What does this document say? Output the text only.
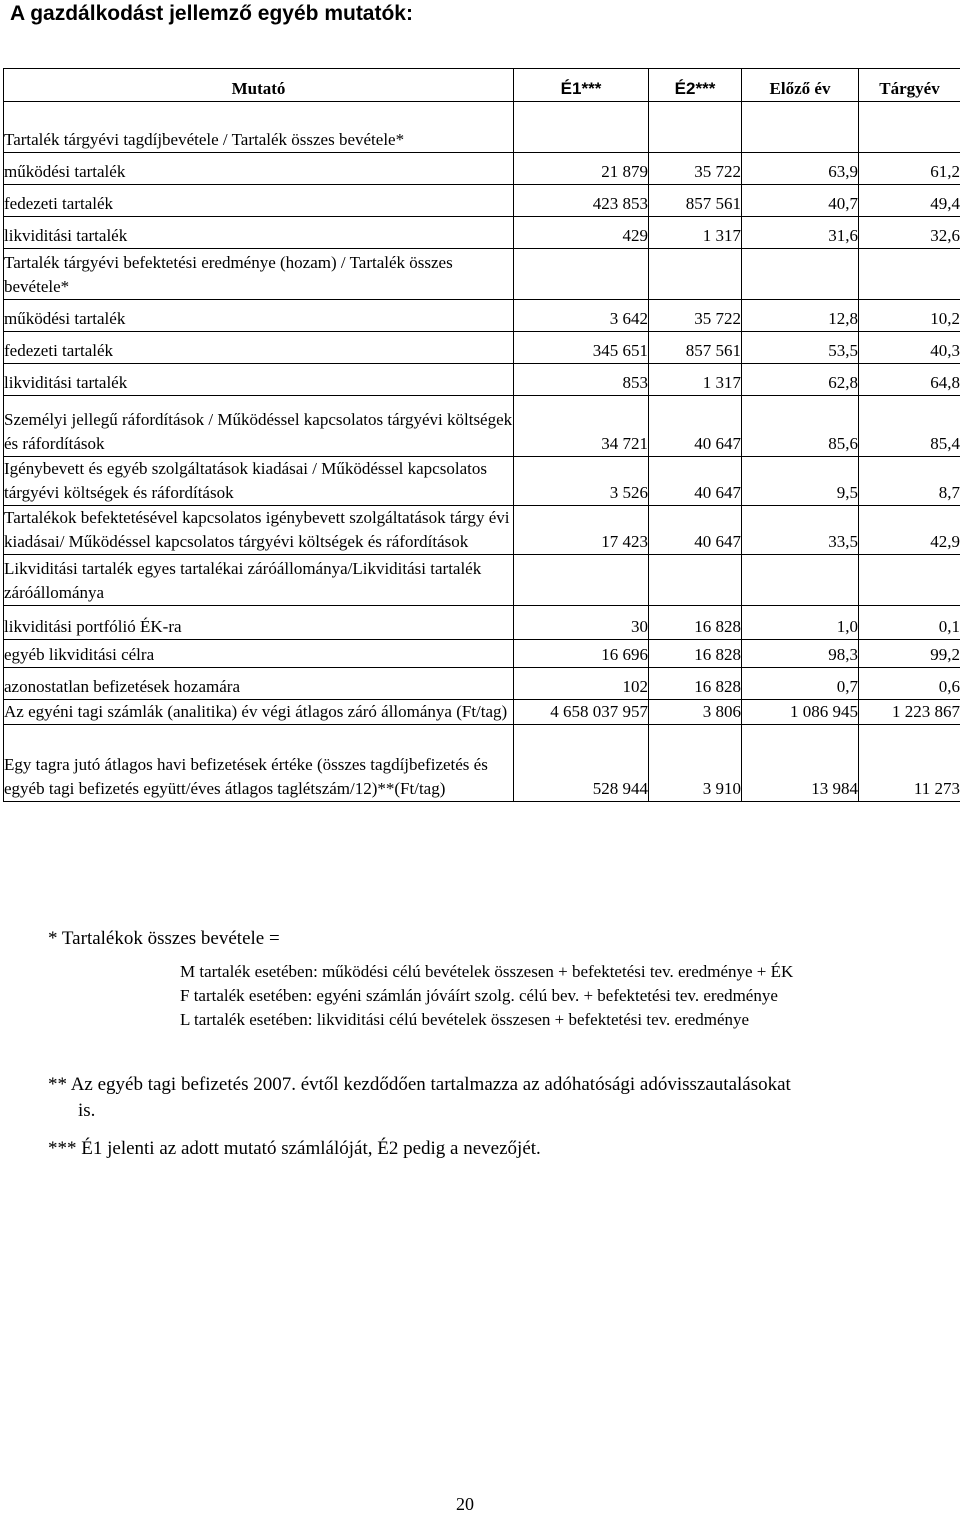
A gazdálkodást jellemző egyéb mutatók:
Mutató	É1***	É2***	Előző év	Tárgyév
Tartalék tárgyévi tagdíjbevétele / Tartalék összes bevétele*				
működési tartalék	21 879	35 722	63,9	61,2
fedezeti tartalék	423 853	857 561	40,7	49,4
likviditási tartalék	429	1 317	31,6	32,6
Tartalék tárgyévi befektetési eredménye (hozam) / Tartalék összes bevétele*				
működési tartalék	3 642	35 722	12,8	10,2
fedezeti tartalék	345 651	857 561	53,5	40,3
likviditási tartalék	853	1 317	62,8	64,8
Személyi jellegű ráfordítások / Működéssel kapcsolatos tárgyévi költségek és ráfordítások	34 721	40 647	85,6	85,4
Igénybevett és egyéb szolgáltatások kiadásai / Működéssel kapcsolatos tárgyévi költségek és ráfordítások	3 526	40 647	9,5	8,7
Tartalékok befektetésével kapcsolatos igénybevett szolgáltatások tárgy évi kiadásai/ Működéssel kapcsolatos tárgyévi költségek és ráfordítások	17 423	40 647	33,5	42,9
Likviditási tartalék egyes tartalékai záróállománya/Likviditási tartalék záróállománya				
likviditási portfólió ÉK-ra	30	16 828	1,0	0,1
egyéb likviditási célra	16 696	16 828	98,3	99,2
azonostatlan befizetések hozamára	102	16 828	0,7	0,6
Az egyéni tagi számlák (analitika) év végi átlagos záró állománya (Ft/tag)	4 658 037 957	3 806	1 086 945	1 223 867
Egy tagra jutó átlagos havi befizetések értéke (összes tagdíjbefizetés és egyéb tagi befizetés együtt/éves átlagos taglétszám/12)**(Ft/tag)	528 944	3 910	13 984	11 273
* Tartalékok összes bevétele =
M tartalék esetében: működési célú bevételek összesen + befektetési tev. eredménye + ÉK
F tartalék esetében: egyéni számlán jóváírt szolg. célú bev. + befektetési tev. eredménye
L tartalék esetében: likviditási célú bevételek összesen + befektetési tev. eredménye
** Az egyéb tagi befizetés 2007. évtől kezdődően tartalmazza az adóhatósági adóvisszautalásokat
is.
*** É1 jelenti az adott mutató számlálóját, É2 pedig a nevezőjét.
20
